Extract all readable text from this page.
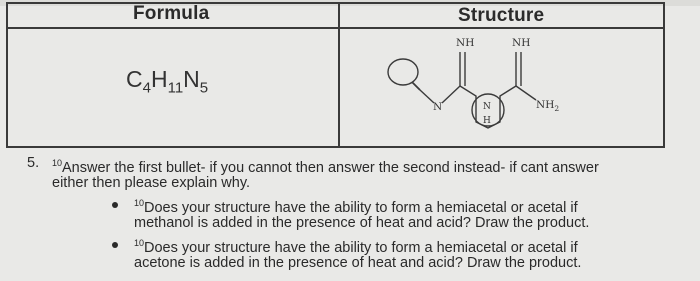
Formula	Structure
$C_4H_{11}N_5$
NH	NH
N	N
H
$NH_2$
5. $^{10}$Answer the first bullet- if you cannot then answer the second instead- if cant answer
either then please explain why.
$^{10}$Does your structure have the ability to form a hemiacetal or acetal if
methanol is added in the presence of heat and acid? Draw the product.
$^{10}$Does your structure have the ability to form a hemiacetal or acetal if
acetone is added in the presence of heat and acid? Draw the product.
